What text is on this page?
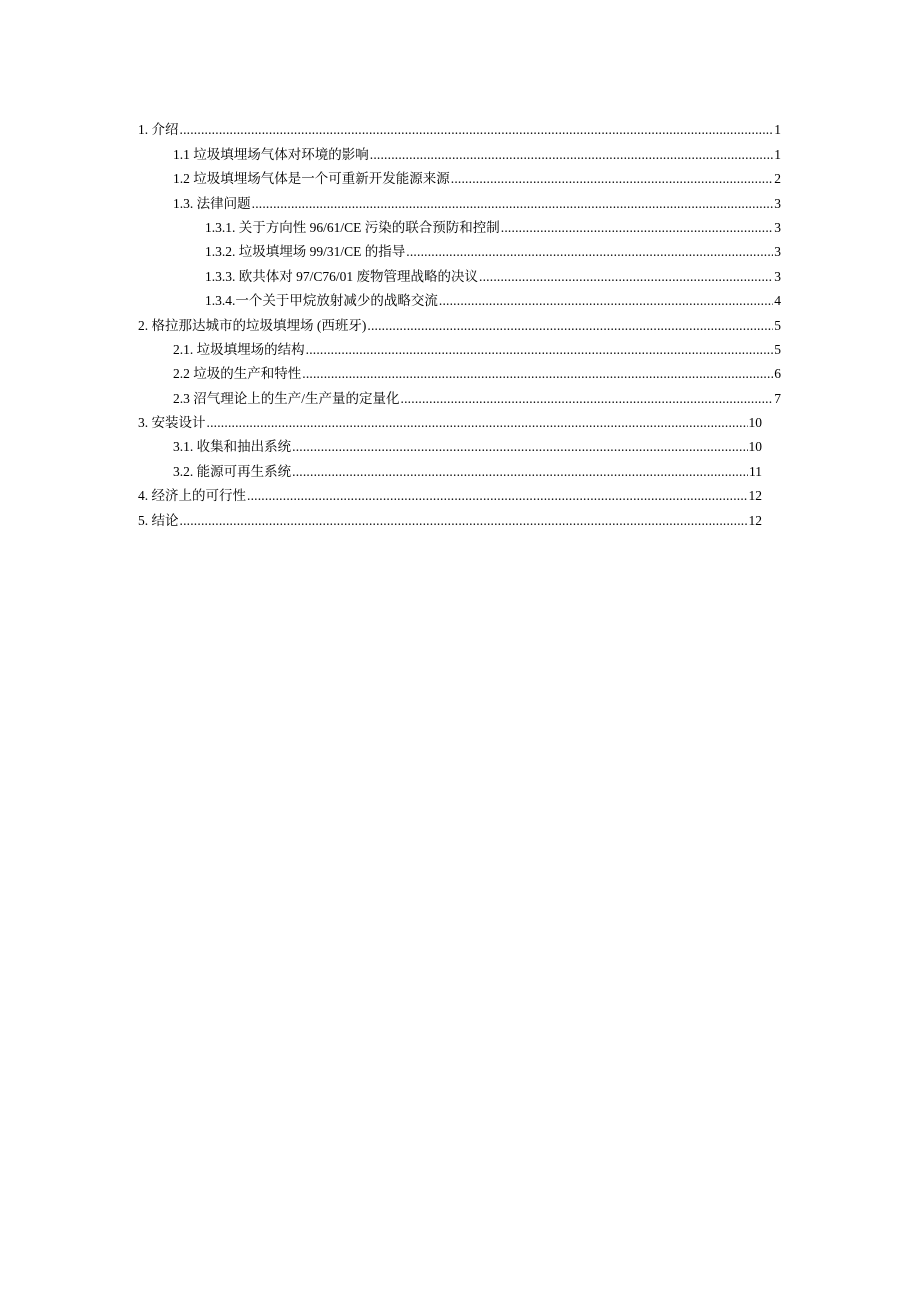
1. 介绍 .....	1
1.1 垃圾填埋场气体对环境的影响 .....	1
1.2 垃圾填埋场气体是一个可重新开发能源来源 .....	2
1.3. 法律问题 .....	3
1.3.1. 关于方向性 96/61/CE 污染的联合预防和控制 .....	3
1.3.2. 垃圾填埋场 99/31/CE 的指导 .....	3
1.3.3. 欧共体对 97/C76/01 废物管理战略的决议 .....	3
1.3.4.一个关于甲烷放射减少的战略交流 .....	4
2. 格拉那达城市的垃圾填埋场 (西班牙) .....	5
2.1. 垃圾填埋场的结构 .....	5
2.2 垃圾的生产和特性 .....	6
2.3 沼气理论上的生产/生产量的定量化 .....	7
3. 安装设计 .....	10
3.1. 收集和抽出系统 .....	10
3.2. 能源可再生系统 .....	11
4. 经济上的可行性 .....	12
5. 结论 .....	12
